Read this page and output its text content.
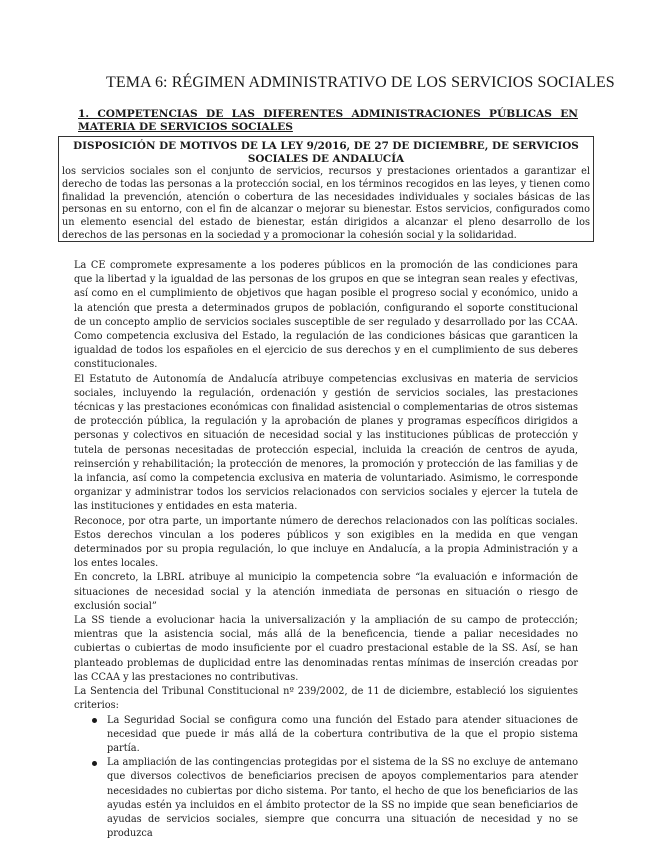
TEMA 6: RÉGIMEN ADMINISTRATIVO DE LOS SERVICIOS SOCIALES
1. COMPETENCIAS DE LAS DIFERENTES ADMINISTRACIONES PÚBLICAS EN MATERIA DE SERVICIOS SOCIALES

DISPOSICIÓN DE MOTIVOS DE LA LEY 9/2016, DE 27 DE DICIEMBRE, DE SERVICIOS SOCIALES DE ANDALUCÍA

los servicios sociales son el conjunto de servicios, recursos y prestaciones orientados a garantizar el derecho de todas las personas a la protección social, en los términos recogidos en las leyes, y tienen como finalidad la prevención, atención o cobertura de las necesidades individuales y sociales básicas de las personas en su entorno, con el fin de alcanzar o mejorar su bienestar. Estos servicios, configurados como un elemento esencial del estado de bienestar, están dirigidos a alcanzar el pleno desarrollo de los derechos de las personas en la sociedad y a promocionar la cohesión social y la solidaridad.

La CE compromete expresamente a los poderes públicos en la promoción de las condiciones para que la libertad y la igualdad de las personas de los grupos en que se integran sean reales y efectivas, así como en el cumplimiento de objetivos que hagan posible el progreso social y económico, unido a la atención que presta a determinados grupos de población, configurando el soporte constitucional de un concepto amplio de servicios sociales susceptible de ser regulado y desarrollado por las CCAA. Como competencia exclusiva del Estado, la regulación de las condiciones básicas que garanticen la igualdad de todos los españoles en el ejercicio de sus derechos y en el cumplimiento de sus deberes constitucionales.

El Estatuto de Autonomía de Andalucía atribuye competencias exclusivas en materia de servicios sociales, incluyendo la regulación, ordenación y gestión de servicios sociales, las prestaciones técnicas y las prestaciones económicas con finalidad asistencial o complementarias de otros sistemas de protección pública, la regulación y la aprobación de planes y programas específicos dirigidos a personas y colectivos en situación de necesidad social y las instituciones públicas de protección y tutela de personas necesitadas de protección especial, incluida la creación de centros de ayuda, reinserción y rehabilitación; la protección de menores, la promoción y protección de las familias y de la infancia, así como la competencia exclusiva en materia de voluntariado. Asimismo, le corresponde organizar y administrar todos los servicios relacionados con servicios sociales y ejercer la tutela de las instituciones y entidades en esta materia.

Reconoce, por otra parte, un importante número de derechos relacionados con las políticas sociales. Estos derechos vinculan a los poderes públicos y son exigibles en la medida en que vengan determinados por su propia regulación, lo que incluye en Andalucía, a la propia Administración y a los entes locales.

En concreto, la LBRL atribuye al municipio la competencia sobre “la evaluación e información de situaciones de necesidad social y la atención inmediata de personas en situación o riesgo de exclusión social”

La SS tiende a evolucionar hacia la universalización y la ampliación de su campo de protección; mientras que la asistencia social, más allá de la beneficencia, tiende a paliar necesidades no cubiertas o cubiertas de modo insuficiente por el cuadro prestacional estable de la SS. Así, se han planteado problemas de duplicidad entre las denominadas rentas mínimas de inserción creadas por las CCAA y las prestaciones no contributivas.

La Sentencia del Tribunal Constitucional nº 239/2002, de 11 de diciembre, estableció los siguientes criterios:

La Seguridad Social se configura como una función del Estado para atender situaciones de necesidad que puede ir más allá de la cobertura contributiva de la que el propio sistema partía.
La ampliación de las contingencias protegidas por el sistema de la SS no excluye de antemano que diversos colectivos de beneficiarios precisen de apoyos complementarios para atender necesidades no cubiertas por dicho sistema. Por tanto, el hecho de que los beneficiarios de las ayudas estén ya incluidos en el ámbito protector de la SS no impide que sean beneficiarios de ayudas de servicios sociales, siempre que concurra una situación de necesidad y no se produzca
